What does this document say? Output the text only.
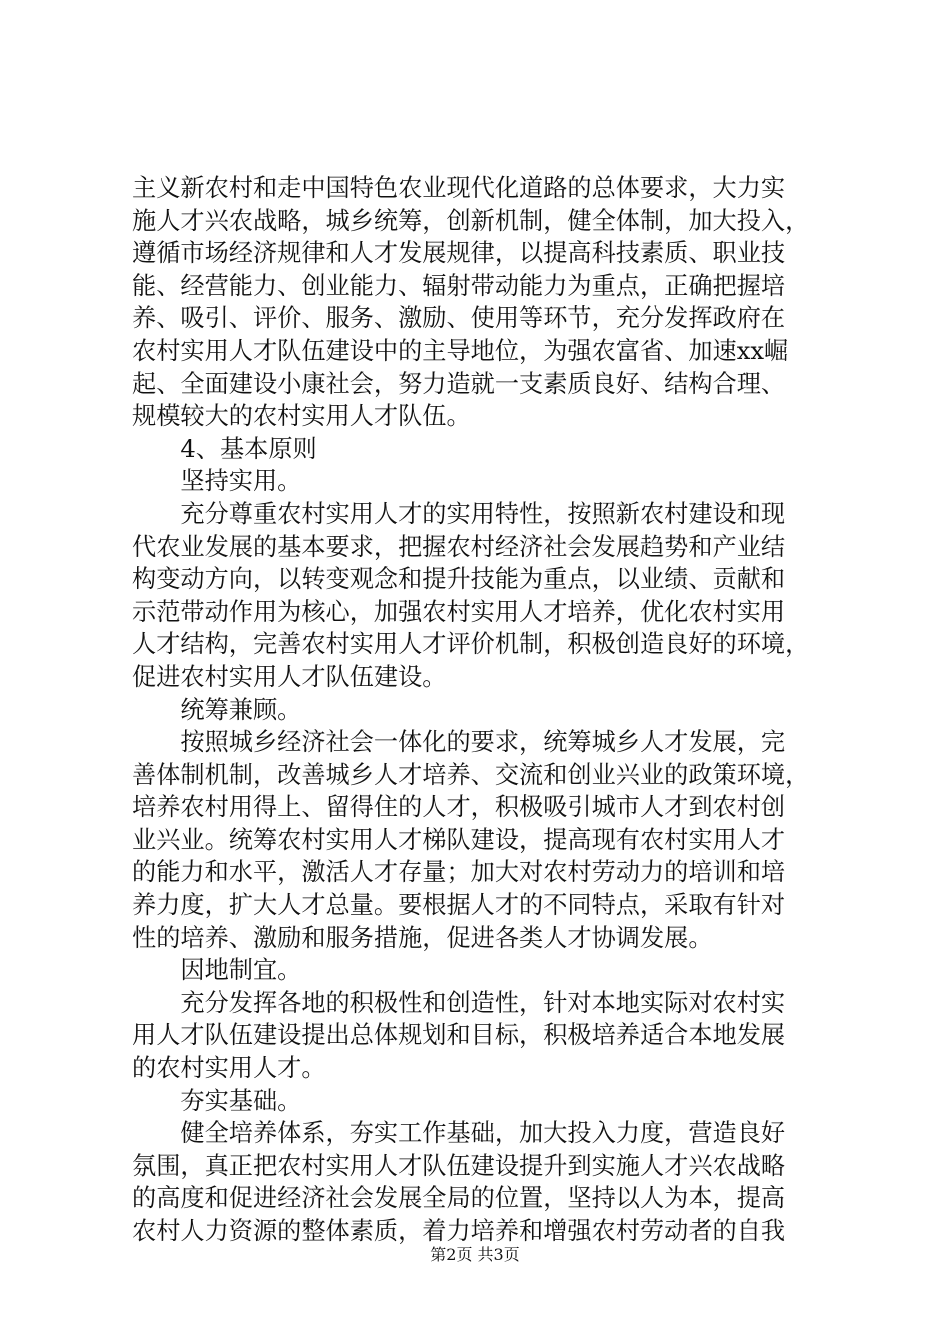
主义新农村和走中国特色农业现代化道路的总体要求，大力实
施人才兴农战略，城乡统筹，创新机制，健全体制，加大投入，
遵循市场经济规律和人才发展规律，以提高科技素质、职业技
能、经营能力、创业能力、辐射带动能力为重点，正确把握培
养、吸引、评价、服务、激励、使用等环节，充分发挥政府在
农村实用人才队伍建设中的主导地位，为强农富省、加速xx崛
起、全面建设小康社会，努力造就一支素质良好、结构合理、
规模较大的农村实用人才队伍。
　　4、基本原则
　　坚持实用。
　　充分尊重农村实用人才的实用特性，按照新农村建设和现
代农业发展的基本要求，把握农村经济社会发展趋势和产业结
构变动方向，以转变观念和提升技能为重点，以业绩、贡献和
示范带动作用为核心，加强农村实用人才培养，优化农村实用
人才结构，完善农村实用人才评价机制，积极创造良好的环境，
促进农村实用人才队伍建设。
　　统筹兼顾。
　　按照城乡经济社会一体化的要求，统筹城乡人才发展，完
善体制机制，改善城乡人才培养、交流和创业兴业的政策环境，
培养农村用得上、留得住的人才，积极吸引城市人才到农村创
业兴业。统筹农村实用人才梯队建设，提高现有农村实用人才
的能力和水平，激活人才存量；加大对农村劳动力的培训和培
养力度，扩大人才总量。要根据人才的不同特点，采取有针对
性的培养、激励和服务措施，促进各类人才协调发展。
　　因地制宜。
　　充分发挥各地的积极性和创造性，针对本地实际对农村实
用人才队伍建设提出总体规划和目标，积极培养适合本地发展
的农村实用人才。
　　夯实基础。
　　健全培养体系，夯实工作基础，加大投入力度，营造良好
氛围，真正把农村实用人才队伍建设提升到实施人才兴农战略
的高度和促进经济社会发展全局的位置，坚持以人为本，提高
农村人力资源的整体素质，着力培养和增强农村劳动者的自我
第2页 共3页
